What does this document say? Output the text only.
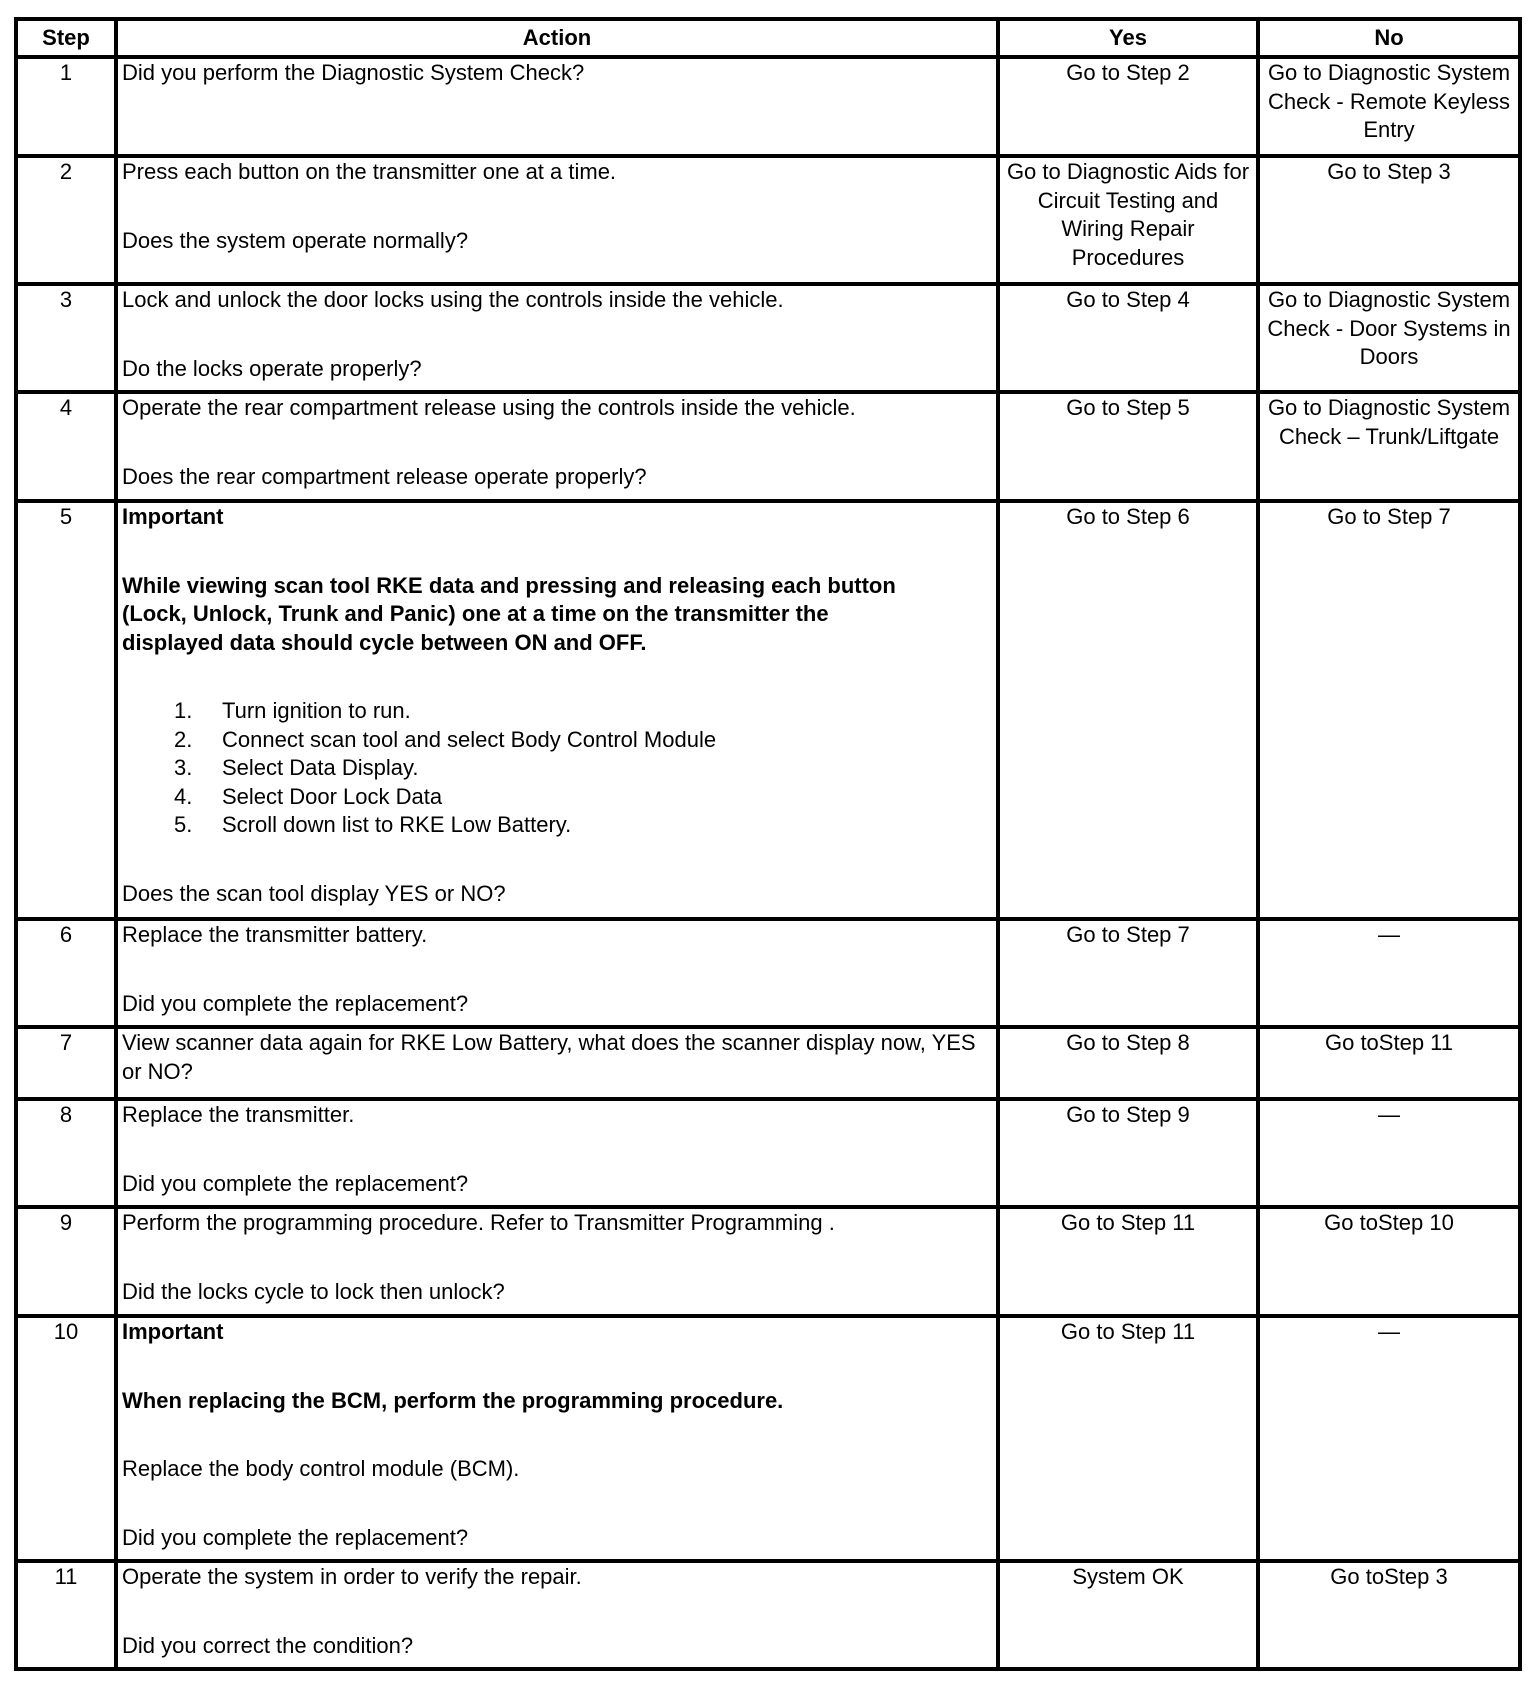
Step	Action	Yes	No
1	Did you perform the Diagnostic System Check?	Go to Step 2	Go to Diagnostic System Check - Remote Keyless Entry
2	Press each button on the transmitter one at a time.
Does the system operate normally?	Go to Diagnostic Aids for Circuit Testing and Wiring Repair Procedures	Go to Step 3
3	Lock and unlock the door locks using the controls inside the vehicle.
Do the locks operate properly?	Go to Step 4	Go to Diagnostic System Check - Door Systems in Doors
4	Operate the rear compartment release using the controls inside the vehicle.
Does the rear compartment release operate properly?	Go to Step 5	Go to Diagnostic System Check – Trunk/Liftgate
5	Important
While viewing scan tool RKE data and pressing and releasing each button (Lock, Unlock, Trunk and Panic) one at a time on the transmitter the displayed data should cycle between ON and OFF.
1.	Turn ignition to run.
2.	Connect scan tool and select Body Control Module
3.	Select Data Display.
4.	Select Door Lock Data
5.	Scroll down list to RKE Low Battery.
Does the scan tool display YES or NO?
	Go to Step 6	Go to Step 7
6	Replace the transmitter battery.
Did you complete the replacement?	Go to Step 7	—
7	View scanner data again for RKE Low Battery, what does the scanner display now, YES or NO?	Go to Step 8	Go toStep 11
8	Replace the transmitter.
Did you complete the replacement?	Go to Step 9	—
9	Perform the programming procedure. Refer to Transmitter Programming .
Did the locks cycle to lock then unlock?	Go to Step 11	Go toStep 10
10	Important
When replacing the BCM, perform the programming procedure.
Replace the body control module (BCM).
Did you complete the replacement?	Go to Step 11	—
11	Operate the system in order to verify the repair.
Did you correct the condition?	System OK	Go toStep 3
